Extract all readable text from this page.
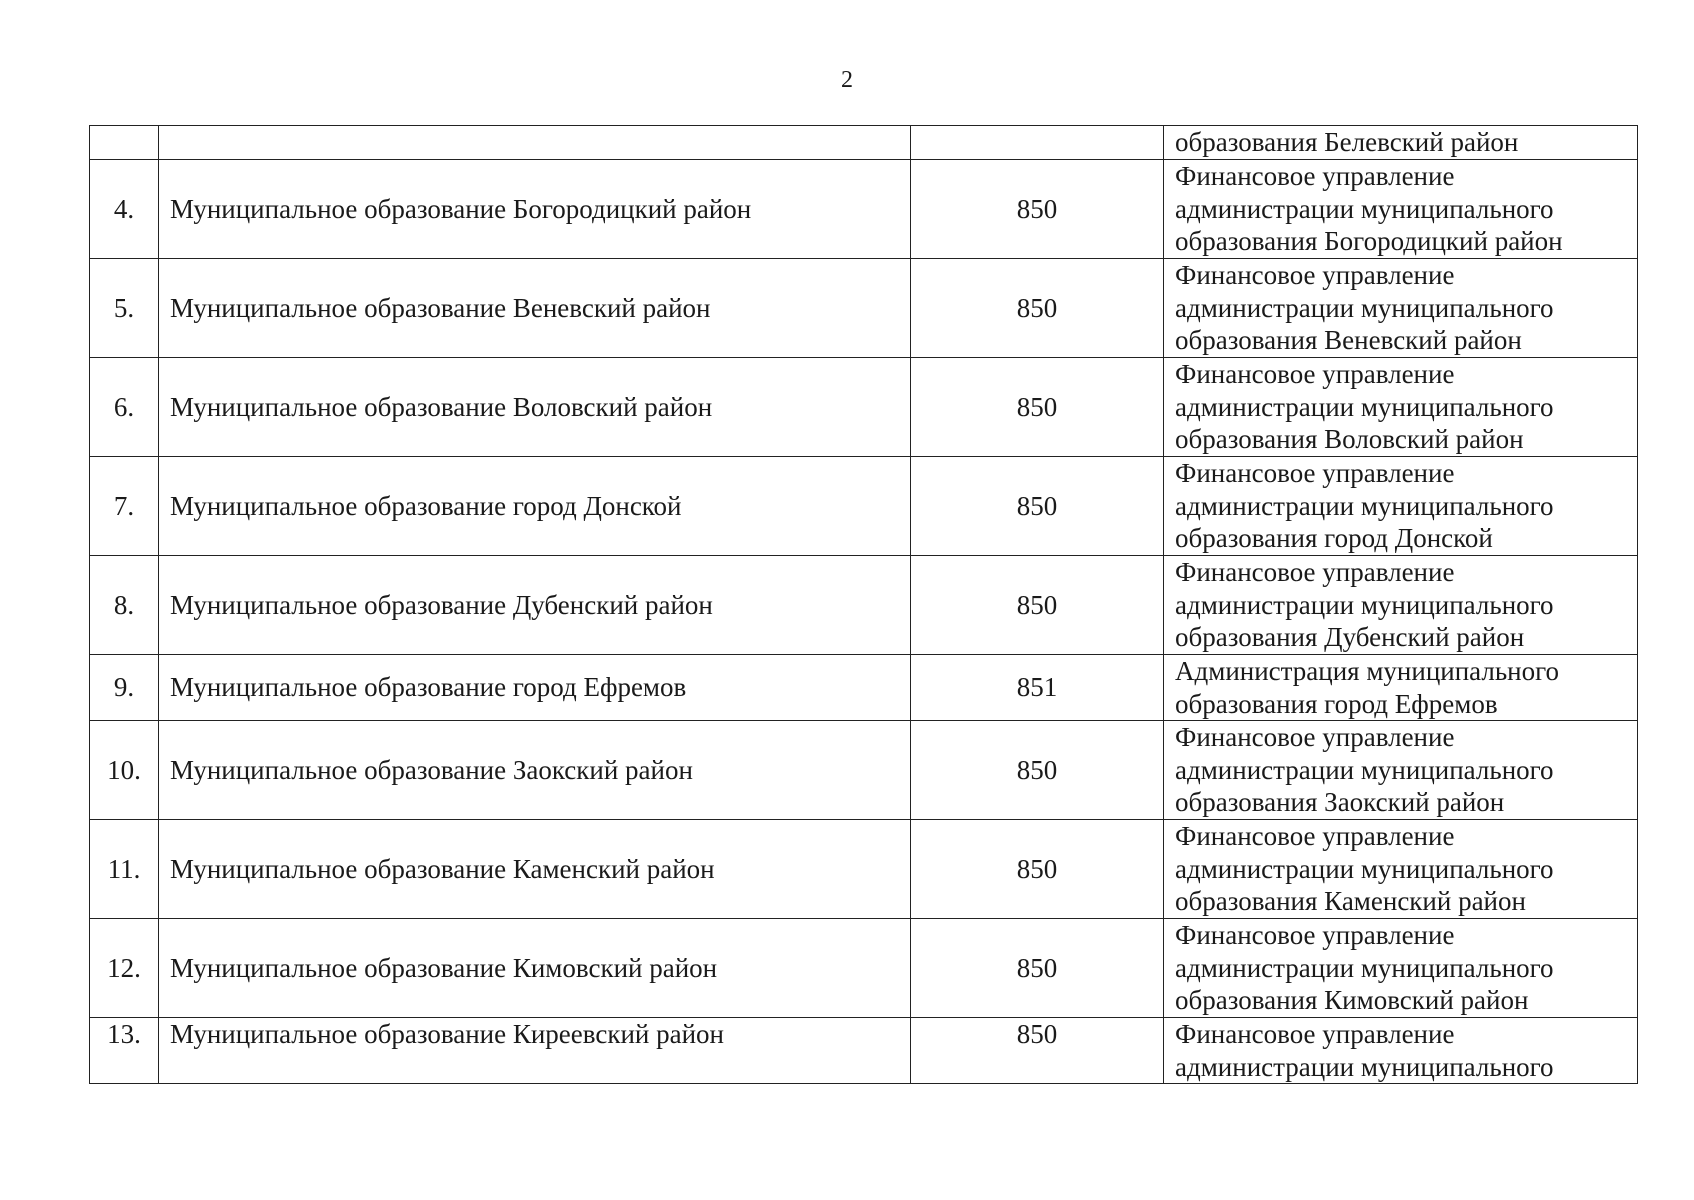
2

			образования Белевский район

4.	Муниципальное образование Богородицкий район	850	Финансовое управление
администрации муниципального
образования Богородицкий район

5.	Муниципальное образование Веневский район	850	Финансовое управление
администрации муниципального
образования Веневский район

6.	Муниципальное образование Воловский район	850	Финансовое управление
администрации муниципального
образования Воловский район

7.	Муниципальное образование город Донской	850	Финансовое управление
администрации муниципального
образования город Донской

8.	Муниципальное образование Дубенский район	850	Финансовое управление
администрации муниципального
образования Дубенский район

9.	Муниципальное образование город Ефремов	851	Администрация муниципального
образования город Ефремов

10.	Муниципальное образование Заокский район	850	Финансовое управление
администрации муниципального
образования Заокский район

11.	Муниципальное образование Каменский район	850	Финансовое управление
администрации муниципального
образования Каменский район

12.	Муниципальное образование Кимовский район	850	Финансовое управление
администрации муниципального
образования Кимовский район

13.	Муниципальное образование Киреевский район	850	Финансовое управление
администрации муниципального
